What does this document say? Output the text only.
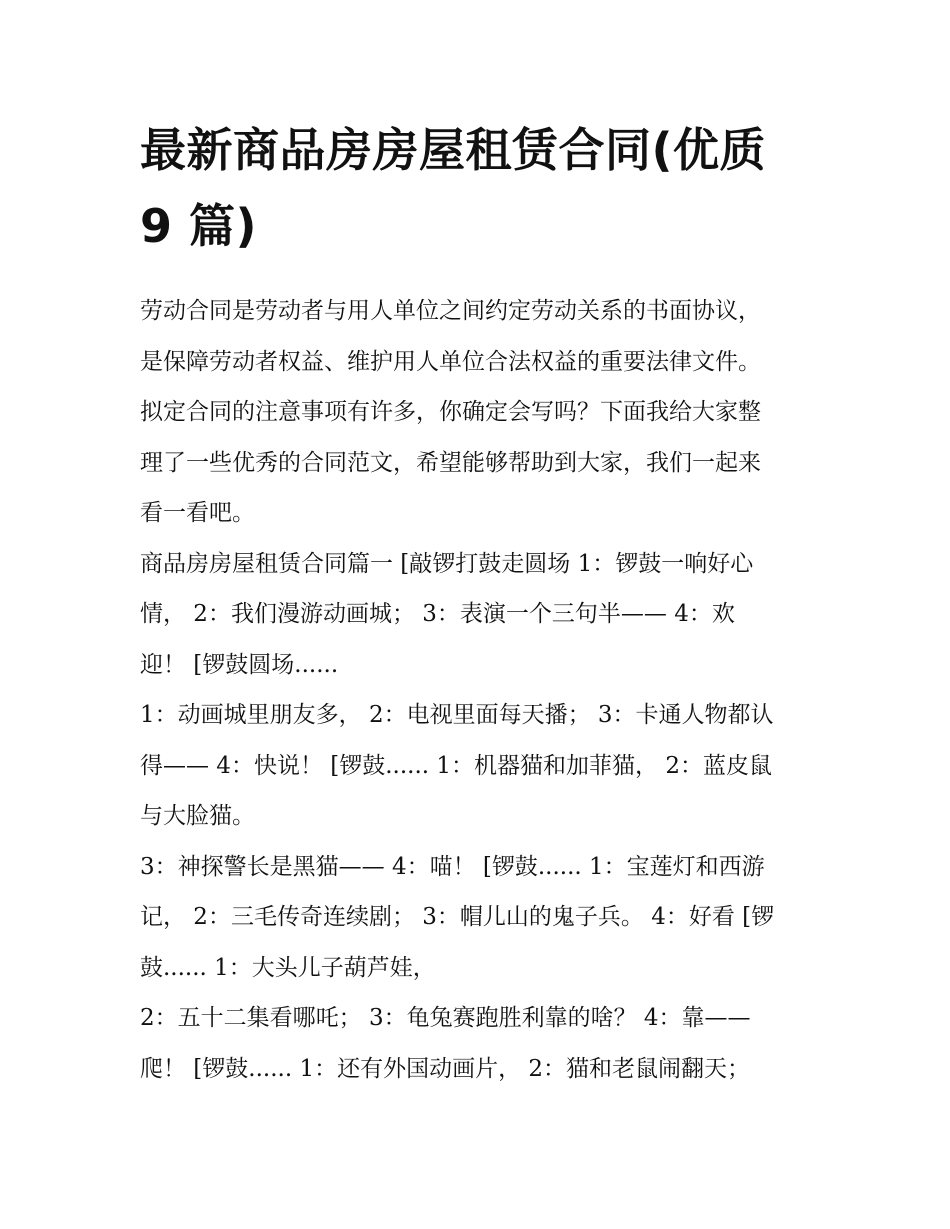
最新商品房房屋租赁合同(优质
9 篇)

劳动合同是劳动者与用人单位之间约定劳动关系的书面协议，
是保障劳动者权益、维护用人单位合法权益的重要法律文件。
拟定合同的注意事项有许多，你确定会写吗？下面我给大家整
理了一些优秀的合同范文，希望能够帮助到大家，我们一起来
看一看吧。

商品房房屋租赁合同篇一 [敲锣打鼓走圆场 1：锣鼓一响好心
情， 2：我们漫游动画城； 3：表演一个三句半—— 4：欢
迎！ [锣鼓圆场......

1：动画城里朋友多， 2：电视里面每天播； 3：卡通人物都认
得—— 4：快说！ [锣鼓...... 1：机器猫和加菲猫， 2：蓝皮鼠
与大脸猫。

3：神探警长是黑猫—— 4：喵！ [锣鼓...... 1：宝莲灯和西游
记， 2：三毛传奇连续剧； 3：帽儿山的鬼子兵。 4：好看 [锣
鼓...... 1：大头儿子葫芦娃，

2：五十二集看哪吒； 3：龟兔赛跑胜利靠的啥？ 4：靠——
爬！ [锣鼓...... 1：还有外国动画片， 2：猫和老鼠闹翻天；
